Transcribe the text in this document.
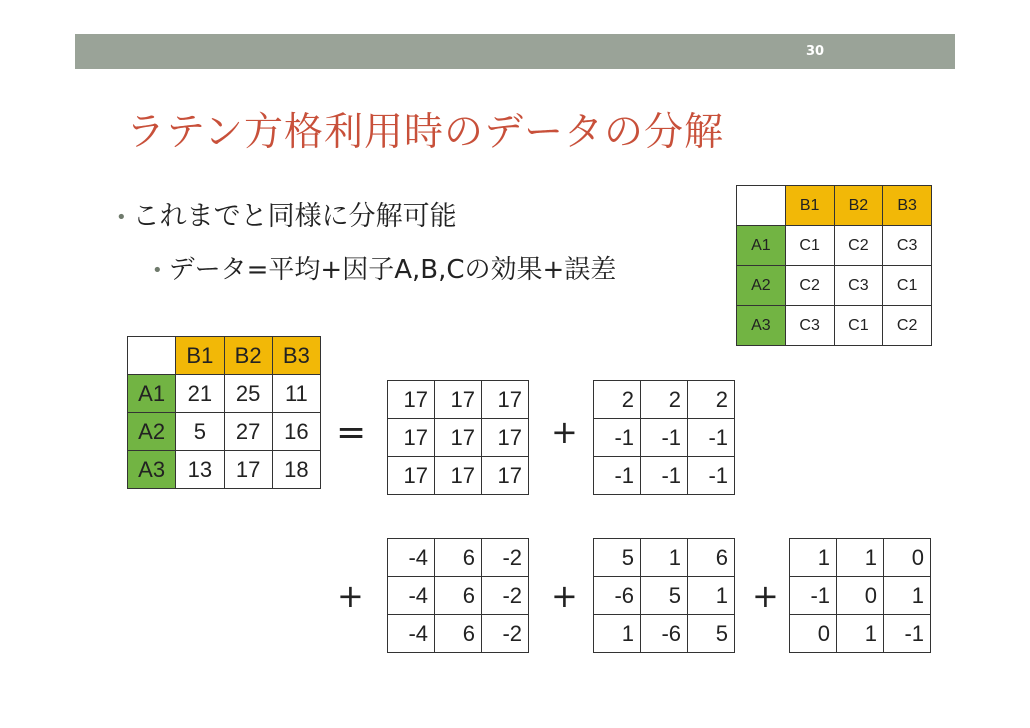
30
ラテン方格利用時のデータの分解
• これまでと同様に分解可能
• データ=平均+因子A,B,Cの効果+誤差
	B1	B2	B3
A1	C1	C2	C3
A2	C2	C3	C1
A3	C3	C1	C2
	B1	B2	B3
A1	21	25	11
A2	5	27	16
A3	13	17	18
=
17	17	17
17	17	17
17	17	17
+
2	2	2
-1	-1	-1
-1	-1	-1
+
-4	6	-2
-4	6	-2
-4	6	-2
+
5	1	6
-6	5	1
1	-6	5
+
1	1	0
-1	0	1
0	1	-1
